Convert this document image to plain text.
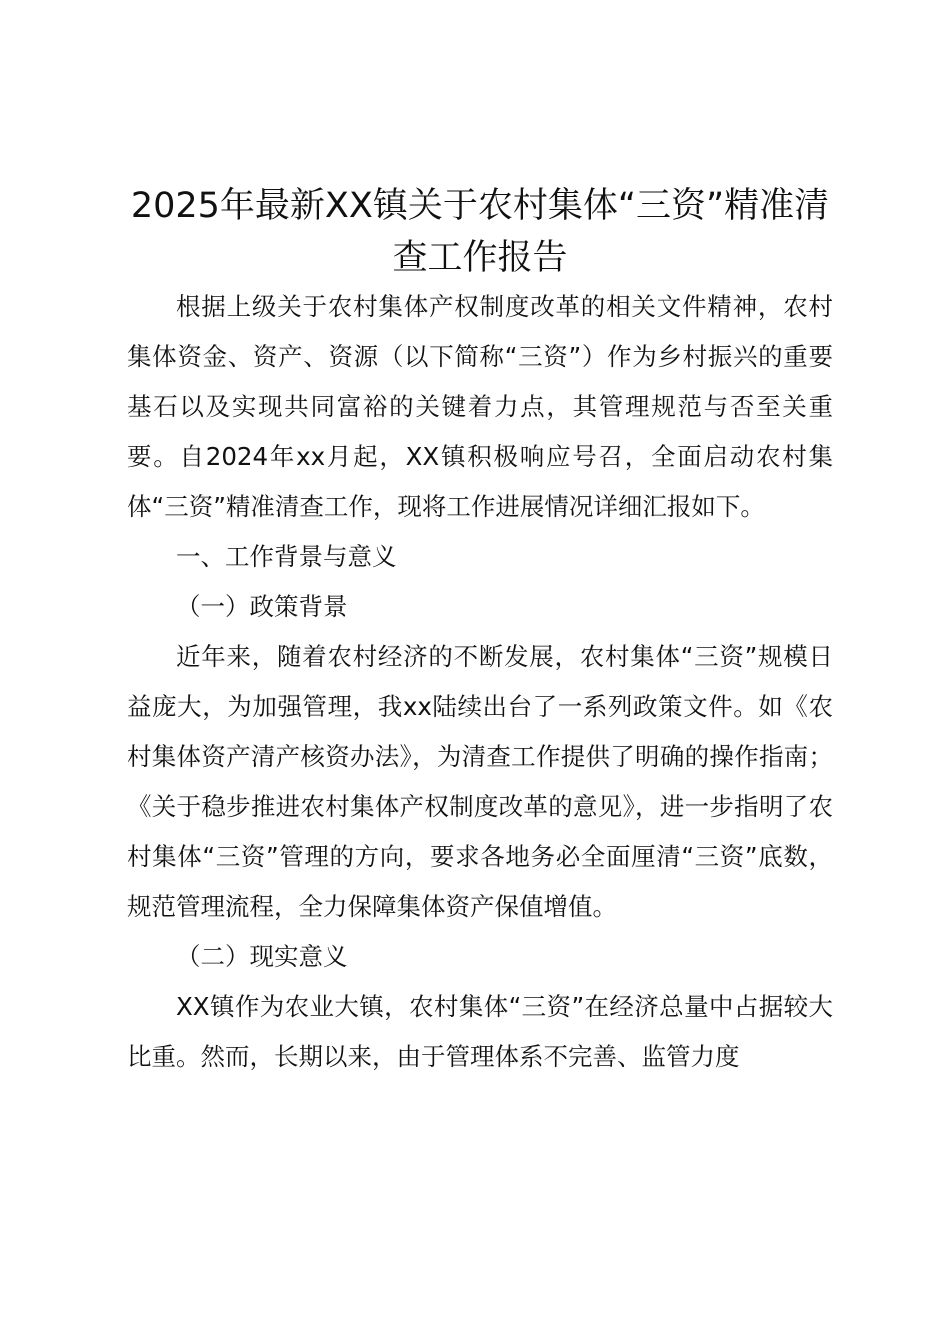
2025年最新XX镇关于农村集体“三资”精准清查工作报告

根据上级关于农村集体产权制度改革的相关文件精神，农村集体资金、资产、资源（以下简称“三资”）作为乡村振兴的重要基石以及实现共同富裕的关键着力点，其管理规范与否至关重要。自2024年xx月起，XX镇积极响应号召，全面启动农村集体“三资”精准清查工作，现将工作进展情况详细汇报如下。

一、工作背景与意义

（一）政策背景

近年来，随着农村经济的不断发展，农村集体“三资”规模日益庞大，为加强管理，我xx陆续出台了一系列政策文件。如《农村集体资产清产核资办法》，为清查工作提供了明确的操作指南；《关于稳步推进农村集体产权制度改革的意见》，进一步指明了农村集体“三资”管理的方向，要求各地务必全面厘清“三资”底数，规范管理流程，全力保障集体资产保值增值。

（二）现实意义

XX镇作为农业大镇，农村集体“三资”在经济总量中占据较大比重。然而，长期以来，由于管理体系不完善、监管力度
